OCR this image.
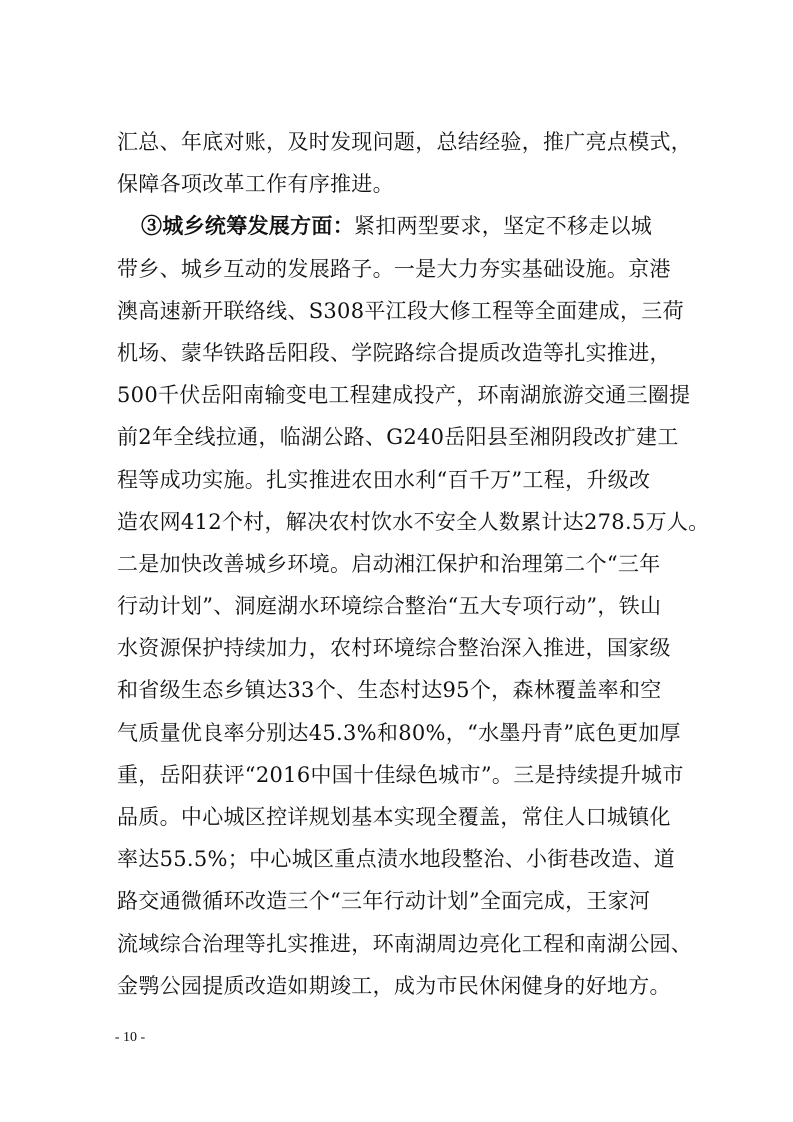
汇总、年底对账，及时发现问题，总结经验，推广亮点模式，
保障各项改革工作有序推进。
③城乡统筹发展方面：紧扣两型要求，坚定不移走以城
带乡、城乡互动的发展路子。一是大力夯实基础设施。京港
澳高速新开联络线、S308平江段大修工程等全面建成，三荷
机场、蒙华铁路岳阳段、学院路综合提质改造等扎实推进，
500千伏岳阳南输变电工程建成投产，环南湖旅游交通三圈提
前2年全线拉通，临湖公路、G240岳阳县至湘阴段改扩建工
程等成功实施。扎实推进农田水利“百千万”工程，升级改
造农网412个村，解决农村饮水不安全人数累计达278.5万人。
二是加快改善城乡环境。启动湘江保护和治理第二个“三年
行动计划”、洞庭湖水环境综合整治“五大专项行动”，铁山
水资源保护持续加力，农村环境综合整治深入推进，国家级
和省级生态乡镇达33个、生态村达95个，森林覆盖率和空
气质量优良率分别达45.3%和80%，“水墨丹青”底色更加厚
重，岳阳获评“2016中国十佳绿色城市”。三是持续提升城市
品质。中心城区控详规划基本实现全覆盖，常住人口城镇化
率达55.5%；中心城区重点渍水地段整治、小街巷改造、道
路交通微循环改造三个“三年行动计划”全面完成，王家河
流域综合治理等扎实推进，环南湖周边亮化工程和南湖公园、
金鹗公园提质改造如期竣工，成为市民休闲健身的好地方。
- 10 -
